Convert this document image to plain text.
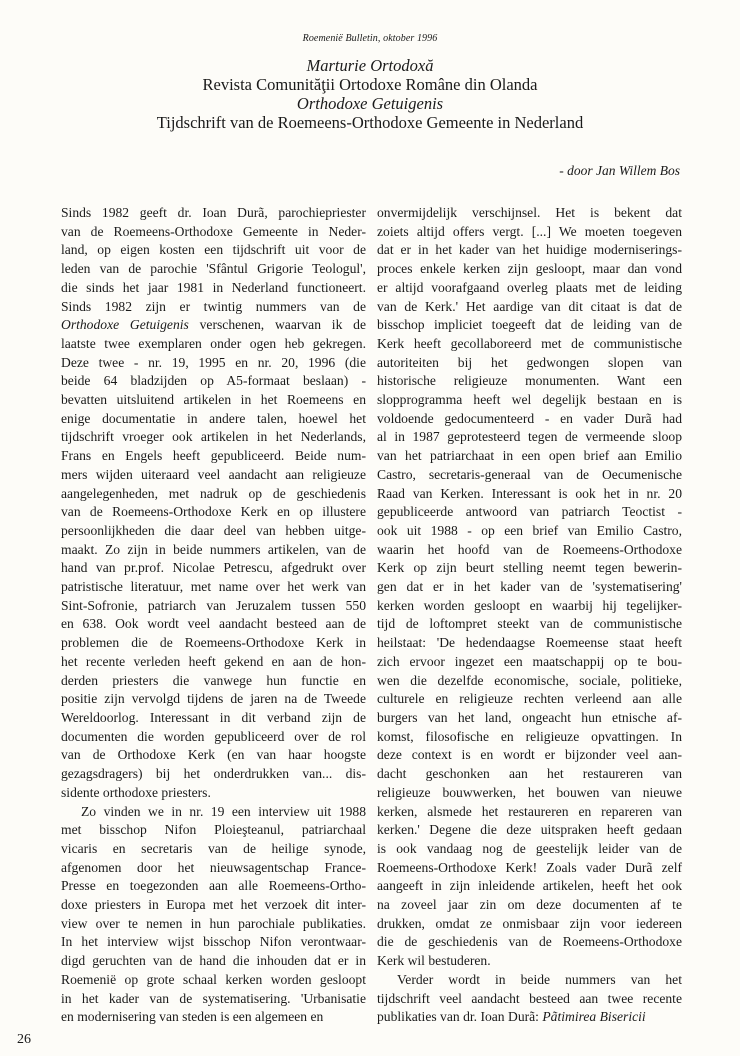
Roemenië Bulletin, oktober 1996
Marturie Ortodoxă
Revista Comunităţii Ortodoxe Române din Olanda
Orthodoxe Getuigenis
Tijdschrift van de Roemeens-Orthodoxe Gemeente in Nederland
- door Jan Willem Bos
Sinds 1982 geeft dr. Ioan Durã, parochiepriester
van de Roemeens-Orthodoxe Gemeente in Neder-
land, op eigen kosten een tijdschrift uit voor de
leden van de parochie 'Sfântul Grigorie Teologul',
die sinds het jaar 1981 in Nederland functioneert.
Sinds 1982 zijn er twintig nummers van de
Orthodoxe Getuigenis verschenen, waarvan ik de
laatste twee exemplaren onder ogen heb gekregen.
Deze twee - nr. 19, 1995 en nr. 20, 1996 (die
beide 64 bladzijden op A5-formaat beslaan) -
bevatten uitsluitend artikelen in het Roemeens en
enige documentatie in andere talen, hoewel het
tijdschrift vroeger ook artikelen in het Nederlands,
Frans en Engels heeft gepubliceerd. Beide num-
mers wijden uiteraard veel aandacht aan religieuze
aangelegenheden, met nadruk op de geschiedenis
van de Roemeens-Orthodoxe Kerk en op illustere
persoonlijkheden die daar deel van hebben uitge-
maakt. Zo zijn in beide nummers artikelen, van de
hand van pr.prof. Nicolae Petrescu, afgedrukt over
patristische literatuur, met name over het werk van
Sint-Sofronie, patriarch van Jeruzalem tussen 550
en 638. Ook wordt veel aandacht besteed aan de
problemen die de Roemeens-Orthodoxe Kerk in
het recente verleden heeft gekend en aan de hon-
derden priesters die vanwege hun functie en
positie zijn vervolgd tijdens de jaren na de Tweede
Wereldoorlog. Interessant in dit verband zijn de
documenten die worden gepubliceerd over de rol
van de Orthodoxe Kerk (en van haar hoogste
gezagsdragers) bij het onderdrukken van... dis-
sidente orthodoxe priesters.
Zo vinden we in nr. 19 een interview uit 1988
met bisschop Nifon Ploieşteanul, patriarchaal
vicaris en secretaris van de heilige synode,
afgenomen door het nieuwsagentschap France-
Presse en toegezonden aan alle Roemeens-Ortho-
doxe priesters in Europa met het verzoek dit inter-
view over te nemen in hun parochiale publikaties.
In het interview wijst bisschop Nifon verontwaar-
digd geruchten van de hand die inhouden dat er in
Roemenië op grote schaal kerken worden gesloopt
in het kader van de systematisering. 'Urbanisatie
en modernisering van steden is een algemeen en
onvermijdelijk verschijnsel. Het is bekent dat
zoiets altijd offers vergt. [...] We moeten toegeven
dat er in het kader van het huidige moderniserings-
proces enkele kerken zijn gesloopt, maar dan vond
er altijd voorafgaand overleg plaats met de leiding
van de Kerk.' Het aardige van dit citaat is dat de
bisschop impliciet toegeeft dat de leiding van de
Kerk heeft gecollaboreerd met de communistische
autoriteiten bij het gedwongen slopen van
historische religieuze monumenten. Want een
slopprogramma heeft wel degelijk bestaan en is
voldoende gedocumenteerd - en vader Durã had
al in 1987 geprotesteerd tegen de vermeende sloop
van het patriarchaat in een open brief aan Emilio
Castro, secretaris-generaal van de Oecumenische
Raad van Kerken. Interessant is ook het in nr. 20
gepubliceerde antwoord van patriarch Teoctist -
ook uit 1988 - op een brief van Emilio Castro,
waarin het hoofd van de Roemeens-Orthodoxe
Kerk op zijn beurt stelling neemt tegen bewerin-
gen dat er in het kader van de 'systematisering'
kerken worden gesloopt en waarbij hij tegelijker-
tijd de loftompret steekt van de communistische
heilstaat: 'De hedendaagse Roemeense staat heeft
zich ervoor ingezet een maatschappij op te bou-
wen die dezelfde economische, sociale, politieke,
culturele en religieuze rechten verleend aan alle
burgers van het land, ongeacht hun etnische af-
komst, filosofische en religieuze opvattingen. In
deze context is en wordt er bijzonder veel aan-
dacht geschonken aan het restaureren van
religieuze bouwwerken, het bouwen van nieuwe
kerken, alsmede het restaureren en repareren van
kerken.' Degene die deze uitspraken heeft gedaan
is ook vandaag nog de geestelijk leider van de
Roemeens-Orthodoxe Kerk! Zoals vader Durã zelf
aangeeft in zijn inleidende artikelen, heeft het ook
na zoveel jaar zin om deze documenten af te
drukken, omdat ze onmisbaar zijn voor iedereen
die de geschiedenis van de Roemeens-Orthodoxe
Kerk wil bestuderen.
Verder wordt in beide nummers van het
tijdschrift veel aandacht besteed aan twee recente
publikaties van dr. Ioan Durã: Pãtimirea Bisericii
26
